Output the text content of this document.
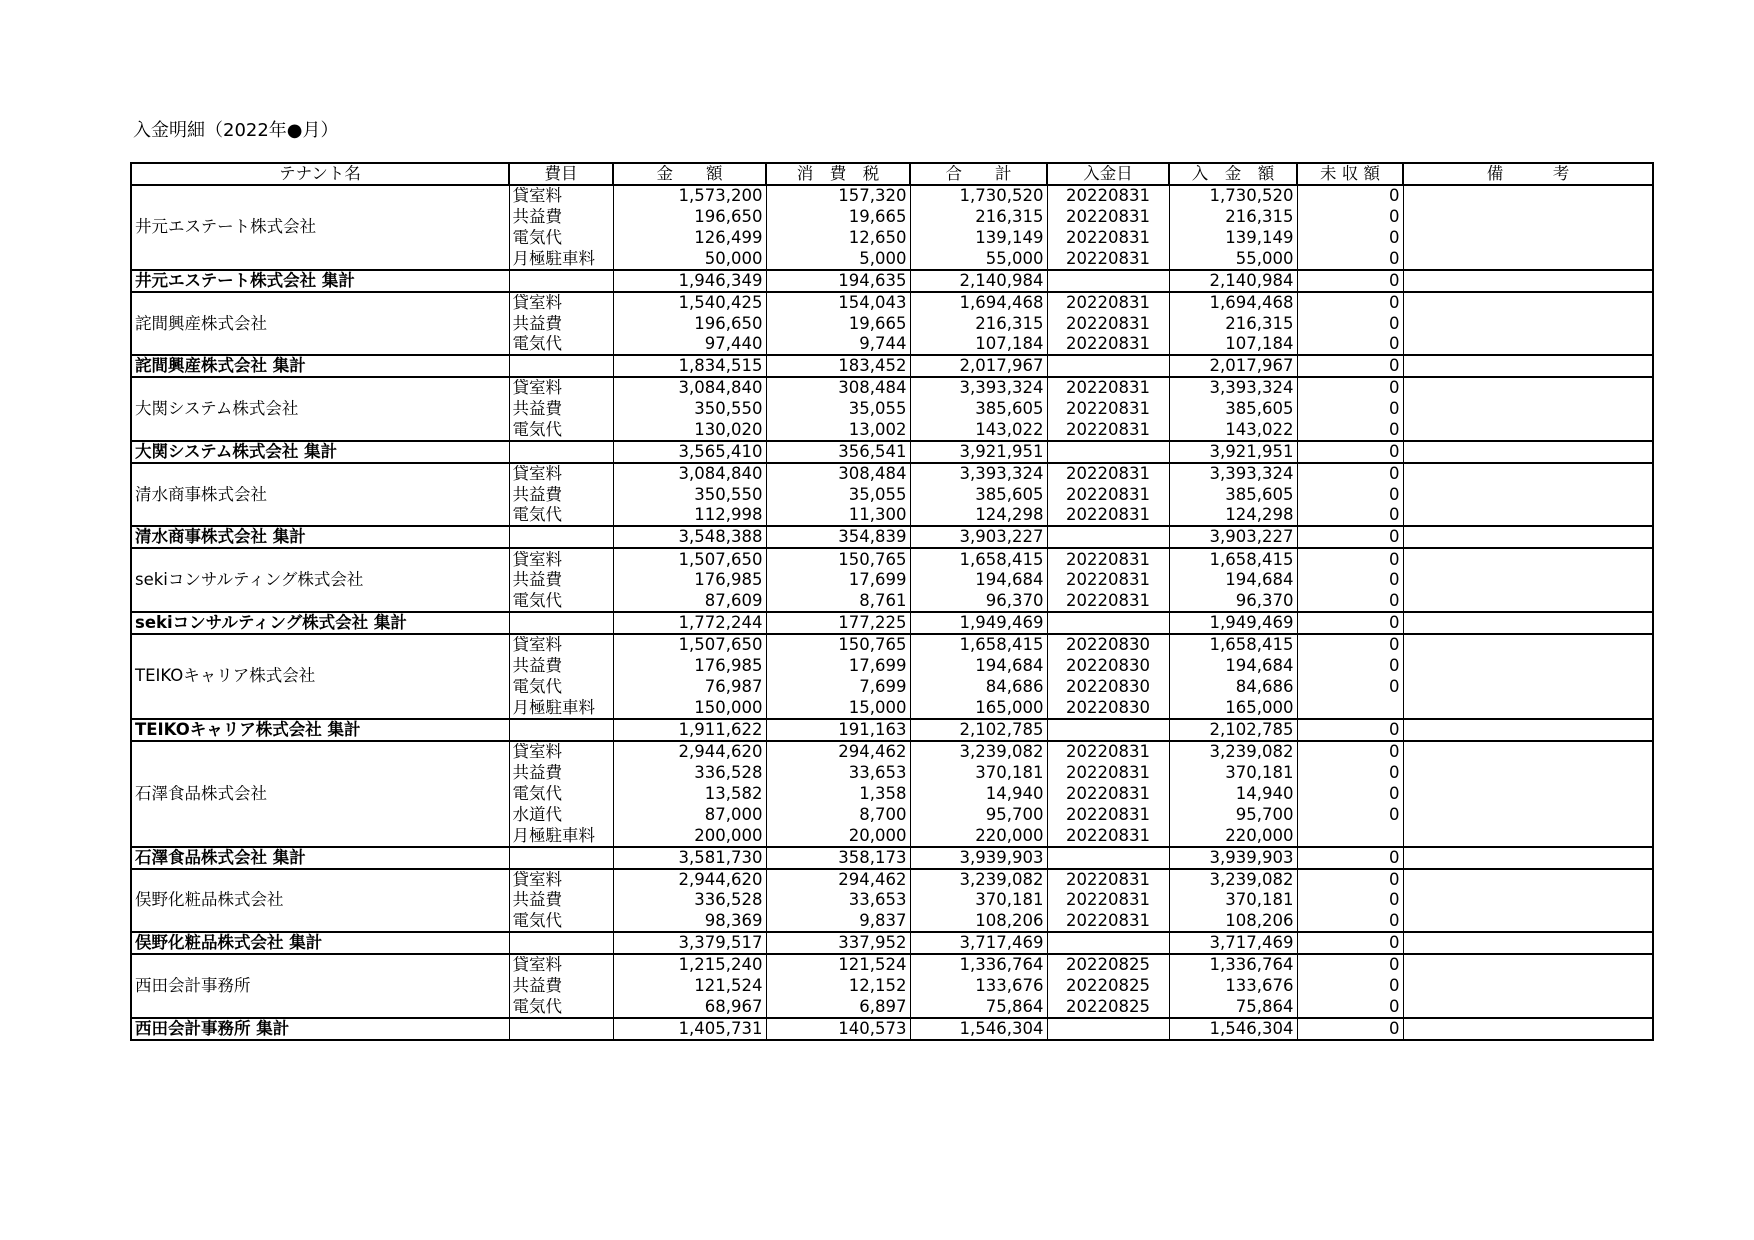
入金明細（2022年●月）
テナント名	費目	金　　額	消　費　税	合　　計	入金日	入　金　額	未 収 額	備　　　考
井元エステート株式会社	貸室料	1,573,200	157,320	1,730,520	20220831	1,730,520	0	
	共益費	196,650	19,665	216,315	20220831	216,315	0	
	電気代	126,499	12,650	139,149	20220831	139,149	0	
	月極駐車料	50,000	5,000	55,000	20220831	55,000	0	
井元エステート株式会社 集計		1,946,349	194,635	2,140,984		2,140,984	0	
詫間興産株式会社	貸室料	1,540,425	154,043	1,694,468	20220831	1,694,468	0	
	共益費	196,650	19,665	216,315	20220831	216,315	0	
	電気代	97,440	9,744	107,184	20220831	107,184	0	
詫間興産株式会社 集計		1,834,515	183,452	2,017,967		2,017,967	0	
大関システム株式会社	貸室料	3,084,840	308,484	3,393,324	20220831	3,393,324	0	
	共益費	350,550	35,055	385,605	20220831	385,605	0	
	電気代	130,020	13,002	143,022	20220831	143,022	0	
大関システム株式会社 集計		3,565,410	356,541	3,921,951		3,921,951	0	
清水商事株式会社	貸室料	3,084,840	308,484	3,393,324	20220831	3,393,324	0	
	共益費	350,550	35,055	385,605	20220831	385,605	0	
	電気代	112,998	11,300	124,298	20220831	124,298	0	
清水商事株式会社 集計		3,548,388	354,839	3,903,227		3,903,227	0	
sekiコンサルティング株式会社	貸室料	1,507,650	150,765	1,658,415	20220831	1,658,415	0	
	共益費	176,985	17,699	194,684	20220831	194,684	0	
	電気代	87,609	8,761	96,370	20220831	96,370	0	
sekiコンサルティング株式会社 集計		1,772,244	177,225	1,949,469		1,949,469	0	
TEIKOキャリア株式会社	貸室料	1,507,650	150,765	1,658,415	20220830	1,658,415	0	
	共益費	176,985	17,699	194,684	20220830	194,684	0	
	電気代	76,987	7,699	84,686	20220830	84,686	0	
	月極駐車料	150,000	15,000	165,000	20220830	165,000		
TEIKOキャリア株式会社 集計		1,911,622	191,163	2,102,785		2,102,785	0	
石澤食品株式会社	貸室料	2,944,620	294,462	3,239,082	20220831	3,239,082	0	
	共益費	336,528	33,653	370,181	20220831	370,181	0	
	電気代	13,582	1,358	14,940	20220831	14,940	0	
	水道代	87,000	8,700	95,700	20220831	95,700	0	
	月極駐車料	200,000	20,000	220,000	20220831	220,000		
石澤食品株式会社 集計		3,581,730	358,173	3,939,903		3,939,903	0	
俣野化粧品株式会社	貸室料	2,944,620	294,462	3,239,082	20220831	3,239,082	0	
	共益費	336,528	33,653	370,181	20220831	370,181	0	
	電気代	98,369	9,837	108,206	20220831	108,206	0	
俣野化粧品株式会社 集計		3,379,517	337,952	3,717,469		3,717,469	0	
西田会計事務所	貸室料	1,215,240	121,524	1,336,764	20220825	1,336,764	0	
	共益費	121,524	12,152	133,676	20220825	133,676	0	
	電気代	68,967	6,897	75,864	20220825	75,864	0	
西田会計事務所 集計		1,405,731	140,573	1,546,304		1,546,304	0	
